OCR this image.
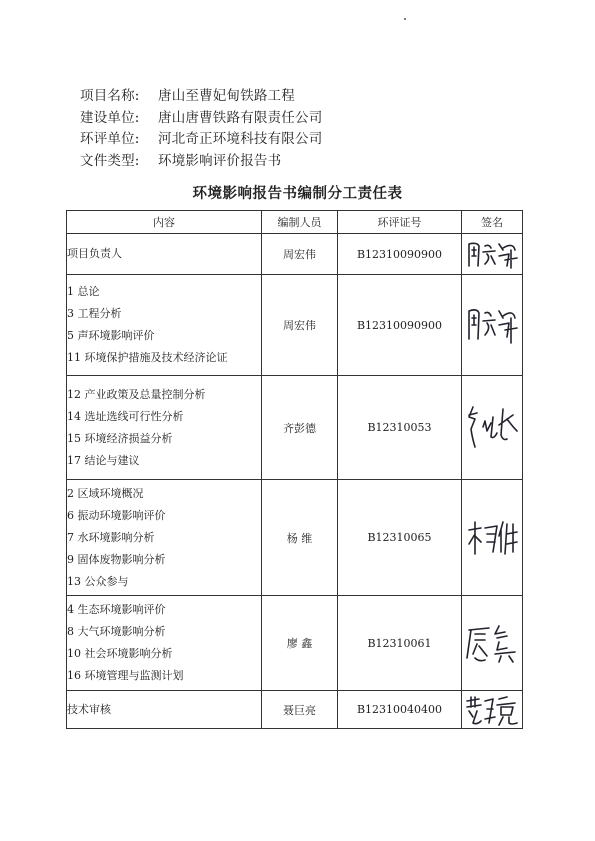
项目名称: 唐山至曹妃甸铁路工程
建设单位: 唐山唐曹铁路有限责任公司
环评单位: 河北奇正环境科技有限公司
文件类型: 环境影响评价报告书
环境影响报告书编制分工责任表
内容	编制人员	环评证号	签名

项目负责人	周宏伟	B12310090900	

1 总论
3 工程分析
5 声环境影响评价
11 环境保护措施及技术经济论证	周宏伟	B12310090900	

12 产业政策及总量控制分析
14 选址选线可行性分析
15 环境经济损益分析
17 结论与建议	齐彭德	B12310053	

2 区域环境概况
6 振动环境影响评价
7 水环境影响分析
9 固体废物影响分析
13 公众参与	杨 维	B12310065	

4 生态环境影响评价
8 大气环境影响分析
10 社会环境影响分析
16 环境管理与监测计划	廖 鑫	B12310061	

技术审核	聂巨亮	B12310040400	
